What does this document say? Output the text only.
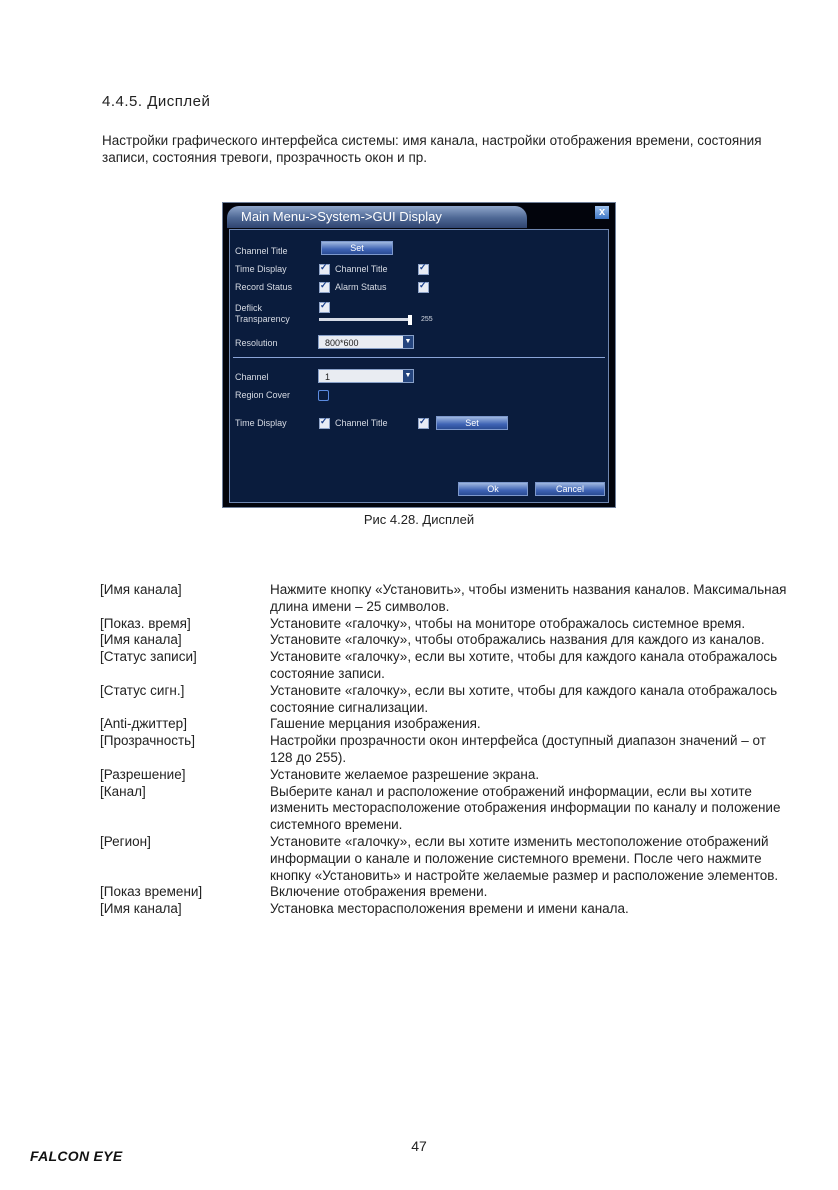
4.4.5. Дисплей
Настройки графического интерфейса системы: имя канала, настройки отображения времени, состояния записи, состояния тревоги, прозрачность окон и пр.
Main Menu->System->GUI Display	x
Channel Title	Set
Time Display ✓	Channel Title
✓
Record Status ✓	Alarm Status
✓
Deflick
✓
Transparency	255
Resolution	800*600	▼
Channel	1	▼
Region Cover
Time Display ✓	Channel Title ✓	Set
Ok	Cancel
Рис 4.28. Дисплей
[Имя канала]	Нажмите кнопку «Установить», чтобы изменить названия каналов. Максимальная длина имени – 25 символов.
[Показ. время]	Установите «галочку», чтобы на мониторе отображалось системное время.
[Имя канала]	Установите «галочку», чтобы отображались названия для каждого из каналов.
[Статус записи]	Установите «галочку», если вы хотите, чтобы для каждого канала отображалось состояние записи.
[Статус сигн.]	Установите «галочку», если вы хотите, чтобы для каждого канала отображалось состояние сигнализации.
[Anti-джиттер]	Гашение мерцания изображения.
[Прозрачность]	Настройки прозрачности окон интерфейса (доступный диапазон значений – от 128 до 255).
[Разрешение]	Установите желаемое разрешение экрана.
[Канал]	Выберите канал и расположение отображений информации, если вы хотите изменить месторасположение отображения информации по каналу и положение системного времени.
[Регион]	Установите «галочку», если вы хотите изменить местоположение отображений информации о канале и положение системного времени. После чего нажмите кнопку «Установить» и настройте желаемые размер и расположение элементов.
[Показ времени]	Включение отображения времени.
[Имя канала]	Установка месторасположения времени и имени канала.
47
FALCON EYE
